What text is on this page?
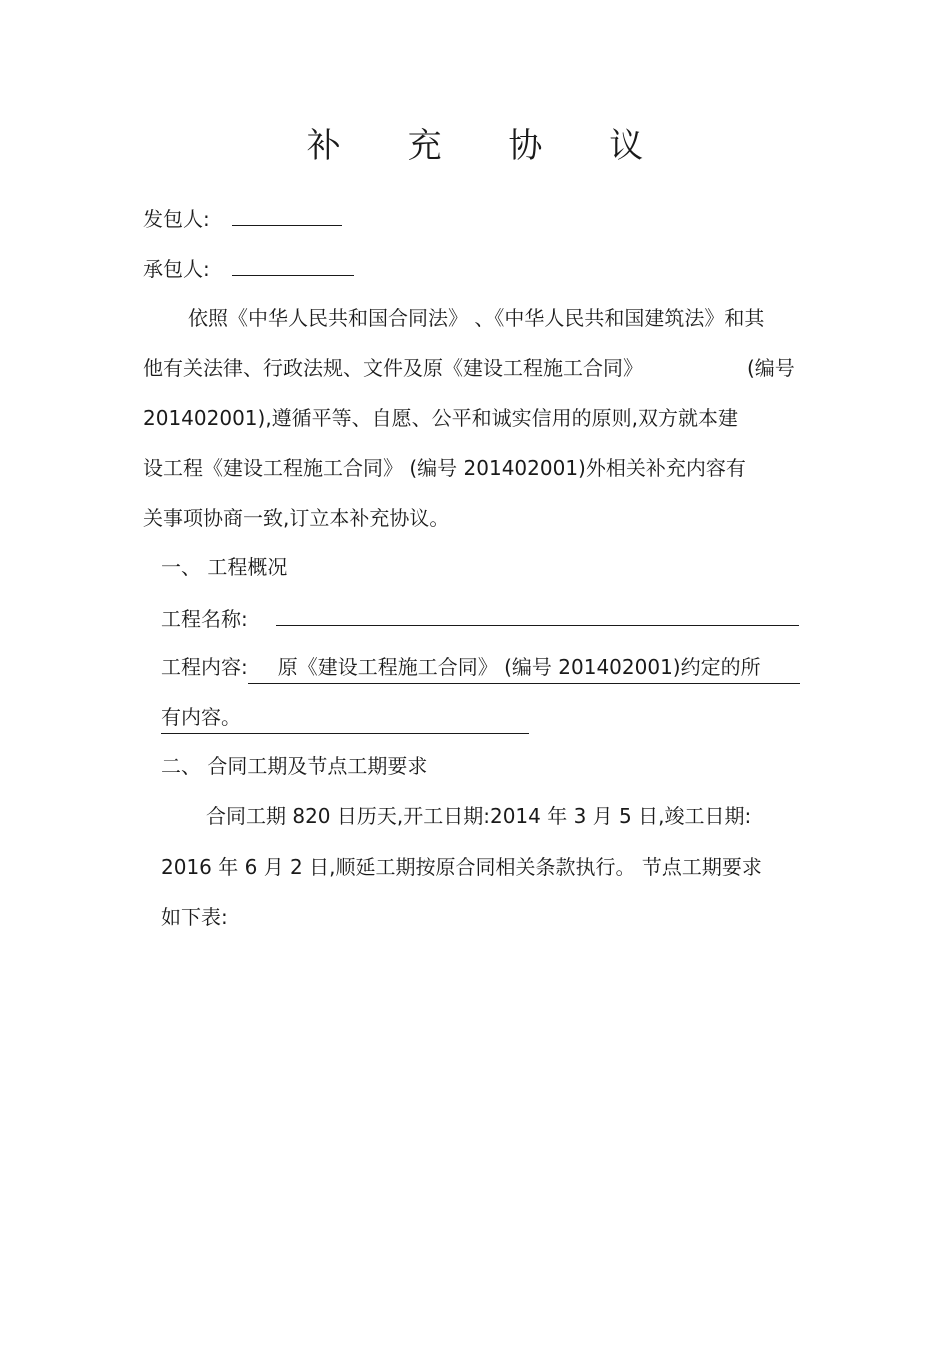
补 充 协 议
发包人:
承包人:
依照《中华人民共和国合同法》 、《中华人民共和国建筑法》和其
他有关法律、行政法规、文件及原《建设工程施工合同》	(编号
201402001),遵循平等、自愿、公平和诚实信用的原则,双方就本建
设工程《建设工程施工合同》 (编号 201402001)外相关补充内容有
关事项协商一致,订立本补充协议。
一、 工程概况
工程名称:
工程内容: 原《建设工程施工合同》 (编号 201402001)约定的所
有内容。
二、 合同工期及节点工期要求
合同工期 820 日历天,开工日期:2014 年 3 月 5 日,竣工日期:
2016 年 6 月 2 日,顺延工期按原合同相关条款执行。 节点工期要求
如下表:
